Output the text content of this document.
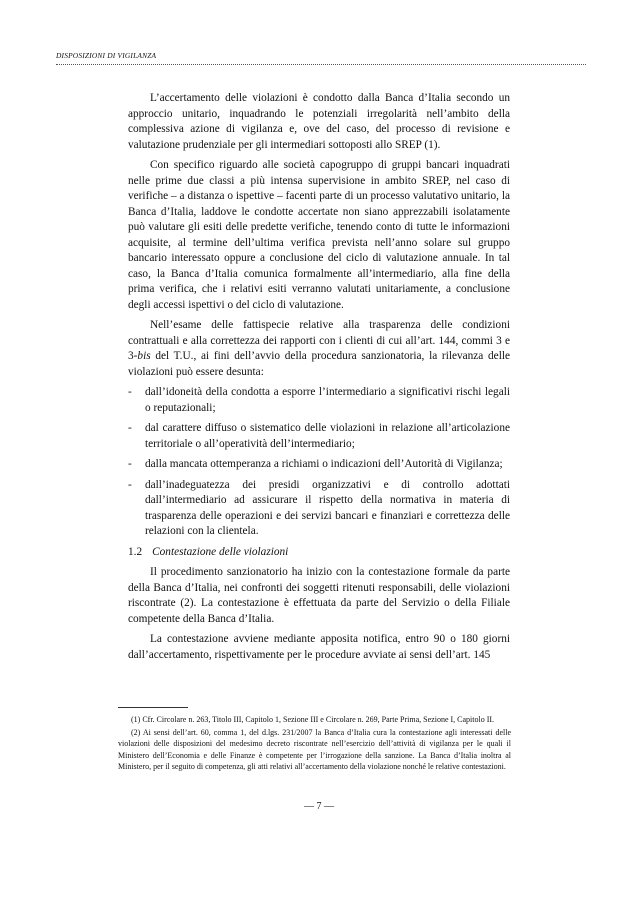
DISPOSIZIONI DI VIGILANZA

L’accertamento delle violazioni è condotto dalla Banca d’Italia secondo un approccio unitario, inquadrando le potenziali irregolarità nell’ambito della complessiva azione di vigilanza e, ove del caso, del processo di revisione e valutazione prudenziale per gli intermediari sottoposti allo SREP (1).

Con specifico riguardo alle società capogruppo di gruppi bancari inquadrati nelle prime due classi a più intensa supervisione in ambito SREP, nel caso di verifiche – a distanza o ispettive – facenti parte di un processo valutativo unitario, la Banca d’Italia, laddove le condotte accertate non siano apprezzabili isolatamente può valutare gli esiti delle predette verifiche, tenendo conto di tutte le informazioni acquisite, al termine dell’ultima verifica prevista nell’anno solare sul gruppo bancario interessato oppure a conclusione del ciclo di valutazione annuale. In tal caso, la Banca d’Italia comunica formalmente all’intermediario, alla fine della prima verifica, che i relativi esiti verranno valutati unitariamente, a conclusione degli accessi ispettivi o del ciclo di valutazione.

Nell’esame delle fattispecie relative alla trasparenza delle condizioni contrattuali e alla correttezza dei rapporti con i clienti di cui all’art. 144, commi 3 e 3-bis del T.U., ai fini dell’avvio della procedura sanzionatoria, la rilevanza delle violazioni può essere desunta:

- dall’idoneità della condotta a esporre l’intermediario a significativi rischi legali o reputazionali;
- dal carattere diffuso o sistematico delle violazioni in relazione all’articolazione territoriale o all’operatività dell’intermediario;
- dalla mancata ottemperanza a richiami o indicazioni dell’Autorità di Vigilanza;
- dall’inadeguatezza dei presidi organizzativi e di controllo adottati dall’intermediario ad assicurare il rispetto della normativa in materia di trasparenza delle operazioni e dei servizi bancari e finanziari e correttezza delle relazioni con la clientela.

1.2 Contestazione delle violazioni

Il procedimento sanzionatorio ha inizio con la contestazione formale da parte della Banca d’Italia, nei confronti dei soggetti ritenuti responsabili, delle violazioni riscontrate (2). La contestazione è effettuata da parte del Servizio o della Filiale competente della Banca d’Italia.

La contestazione avviene mediante apposita notifica, entro 90 o 180 giorni dall’accertamento, rispettivamente per le procedure avviate ai sensi dell’art. 145

(1) Cfr. Circolare n. 263, Titolo III, Capitolo 1, Sezione III e Circolare n. 269, Parte Prima, Sezione I, Capitolo II.

(2) Ai sensi dell’art. 60, comma 1, del d.lgs. 231/2007 la Banca d’Italia cura la contestazione agli interessati delle violazioni delle disposizioni del medesimo decreto riscontrate nell’esercizio dell’attività di vigilanza per le quali il Ministero dell’Economia e delle Finanze è competente per l’irrogazione della sanzione. La Banca d’Italia inoltra al Ministero, per il seguito di competenza, gli atti relativi all’accertamento della violazione nonché le relative contestazioni.

— 7 —
